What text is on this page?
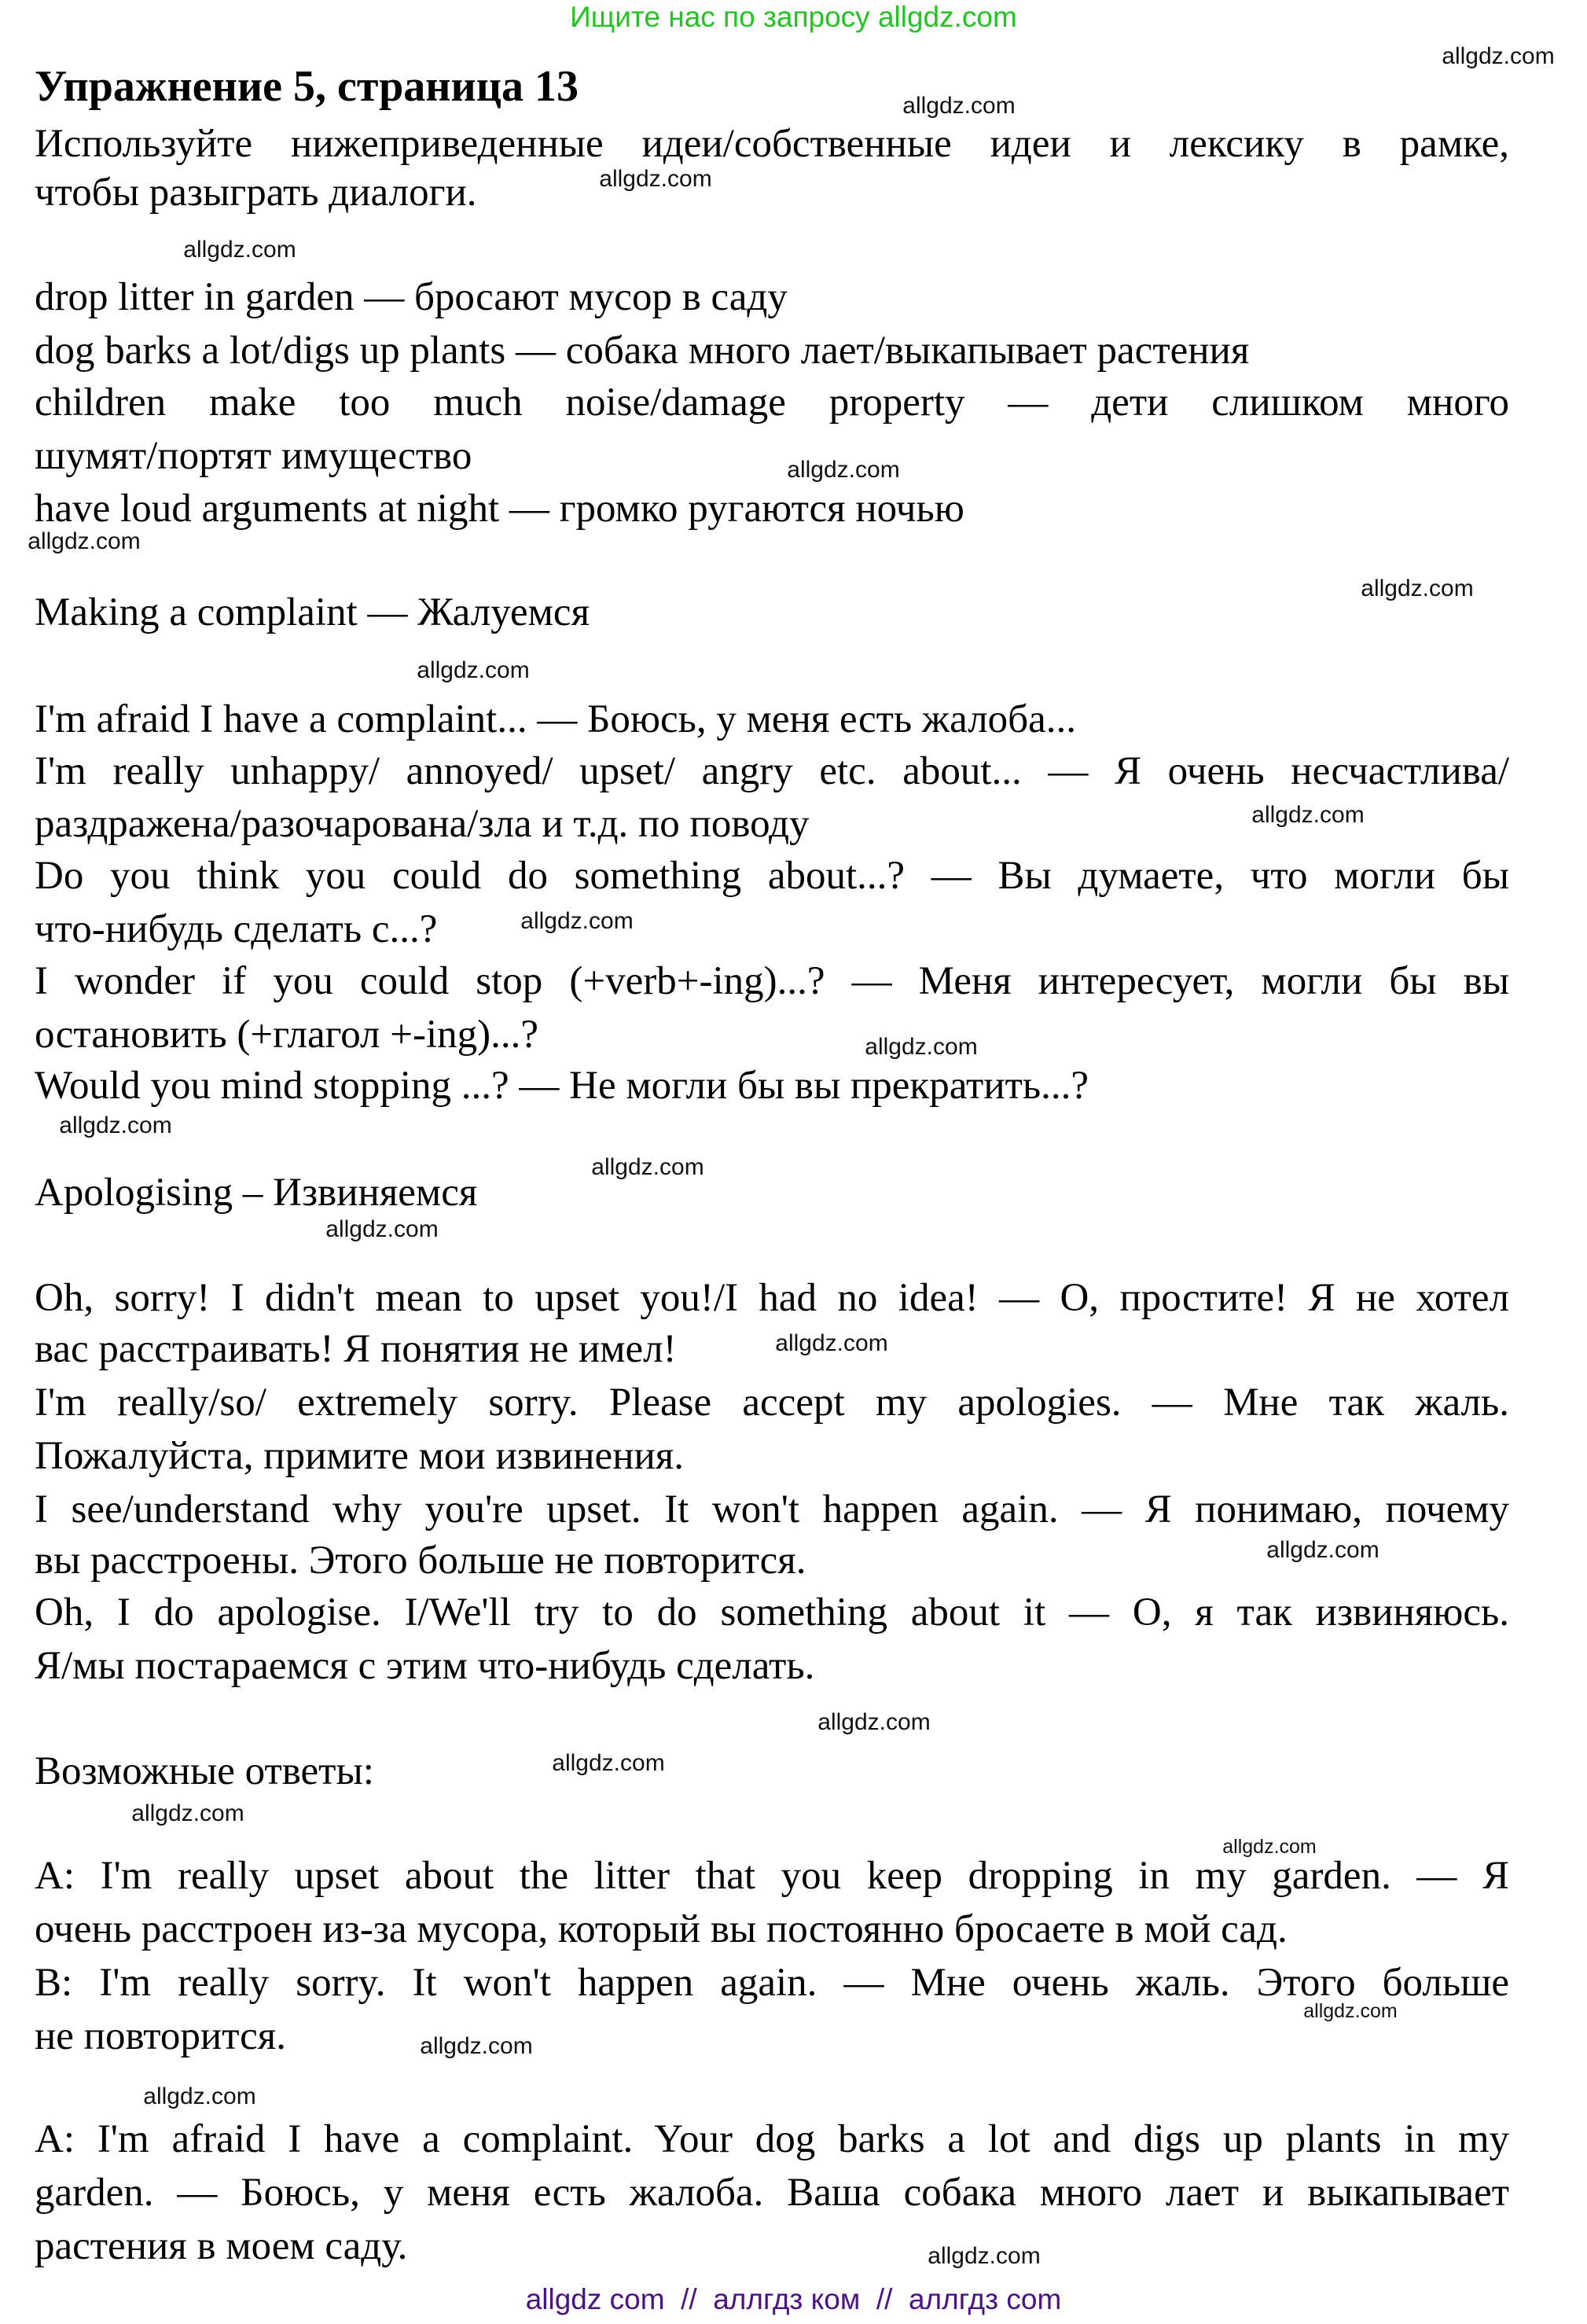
Ищите нас по запросу allgdz.com
Упражнение 5, страница 13
Используйте нижеприведенные идеи/собственные идеи и лексику в рамке,
чтобы разыграть диалоги.
drop litter in garden — бросают мусор в саду
dog barks a lot/digs up plants — собака много лает/выкапывает растения
children make too much noise/damage property — дети слишком много
шумят/портят имущество
have loud arguments at night — громко ругаются ночью
Making a complaint — Жалуемся
I'm afraid I have a complaint... — Боюсь, у меня есть жалоба...
I'm really unhappy/ annoyed/ upset/ angry etc. about... — Я очень несчастлива/
раздражена/разочарована/зла и т.д. по поводу
Do you think you could do something about...? — Вы думаете, что могли бы
что-нибудь сделать с...?
I wonder if you could stop (+verb+-ing)...? — Меня интересует, могли бы вы
остановить (+глагол +-ing)...?
Would you mind stopping ...? — Не могли бы вы прекратить...?
Apologising – Извиняемся
Oh, sorry! I didn't mean to upset you!/I had no idea! — О, простите! Я не хотел
вас расстраивать! Я понятия не имел!
I'm really/so/ extremely sorry. Please accept my apologies. — Мне так жаль.
Пожалуйста, примите мои извинения.
I see/understand why you're upset. It won't happen again. — Я понимаю, почему
вы расстроены. Этого больше не повторится.
Oh, I do apologise. I/We'll try to do something about it — О, я так извиняюсь.
Я/мы постараемся с этим что-нибудь сделать.
Возможные ответы:
A: I'm really upset about the litter that you keep dropping in my garden. — Я
очень расстроен из-за мусора, который вы постоянно бросаете в мой сад.
B: I'm really sorry. It won't happen again. — Мне очень жаль. Этого больше
не повторится.
A: I'm afraid I have a complaint. Your dog barks a lot and digs up plants in my
garden. — Боюсь, у меня есть жалоба. Ваша собака много лает и выкапывает
растения в моем саду.
allgdz.com
allgdz.com
allgdz.com
allgdz.com
allgdz.com
allgdz.com
allgdz.com
allgdz.com
allgdz.com
allgdz.com
allgdz.com
allgdz.com
allgdz.com
allgdz.com
allgdz.com
allgdz.com
allgdz.com
allgdz.com
allgdz.com
allgdz.com
allgdz.com
allgdz.com
allgdz.com
allgdz.com
allgdz com  //  аллгдз ком  //  аллгдз com
